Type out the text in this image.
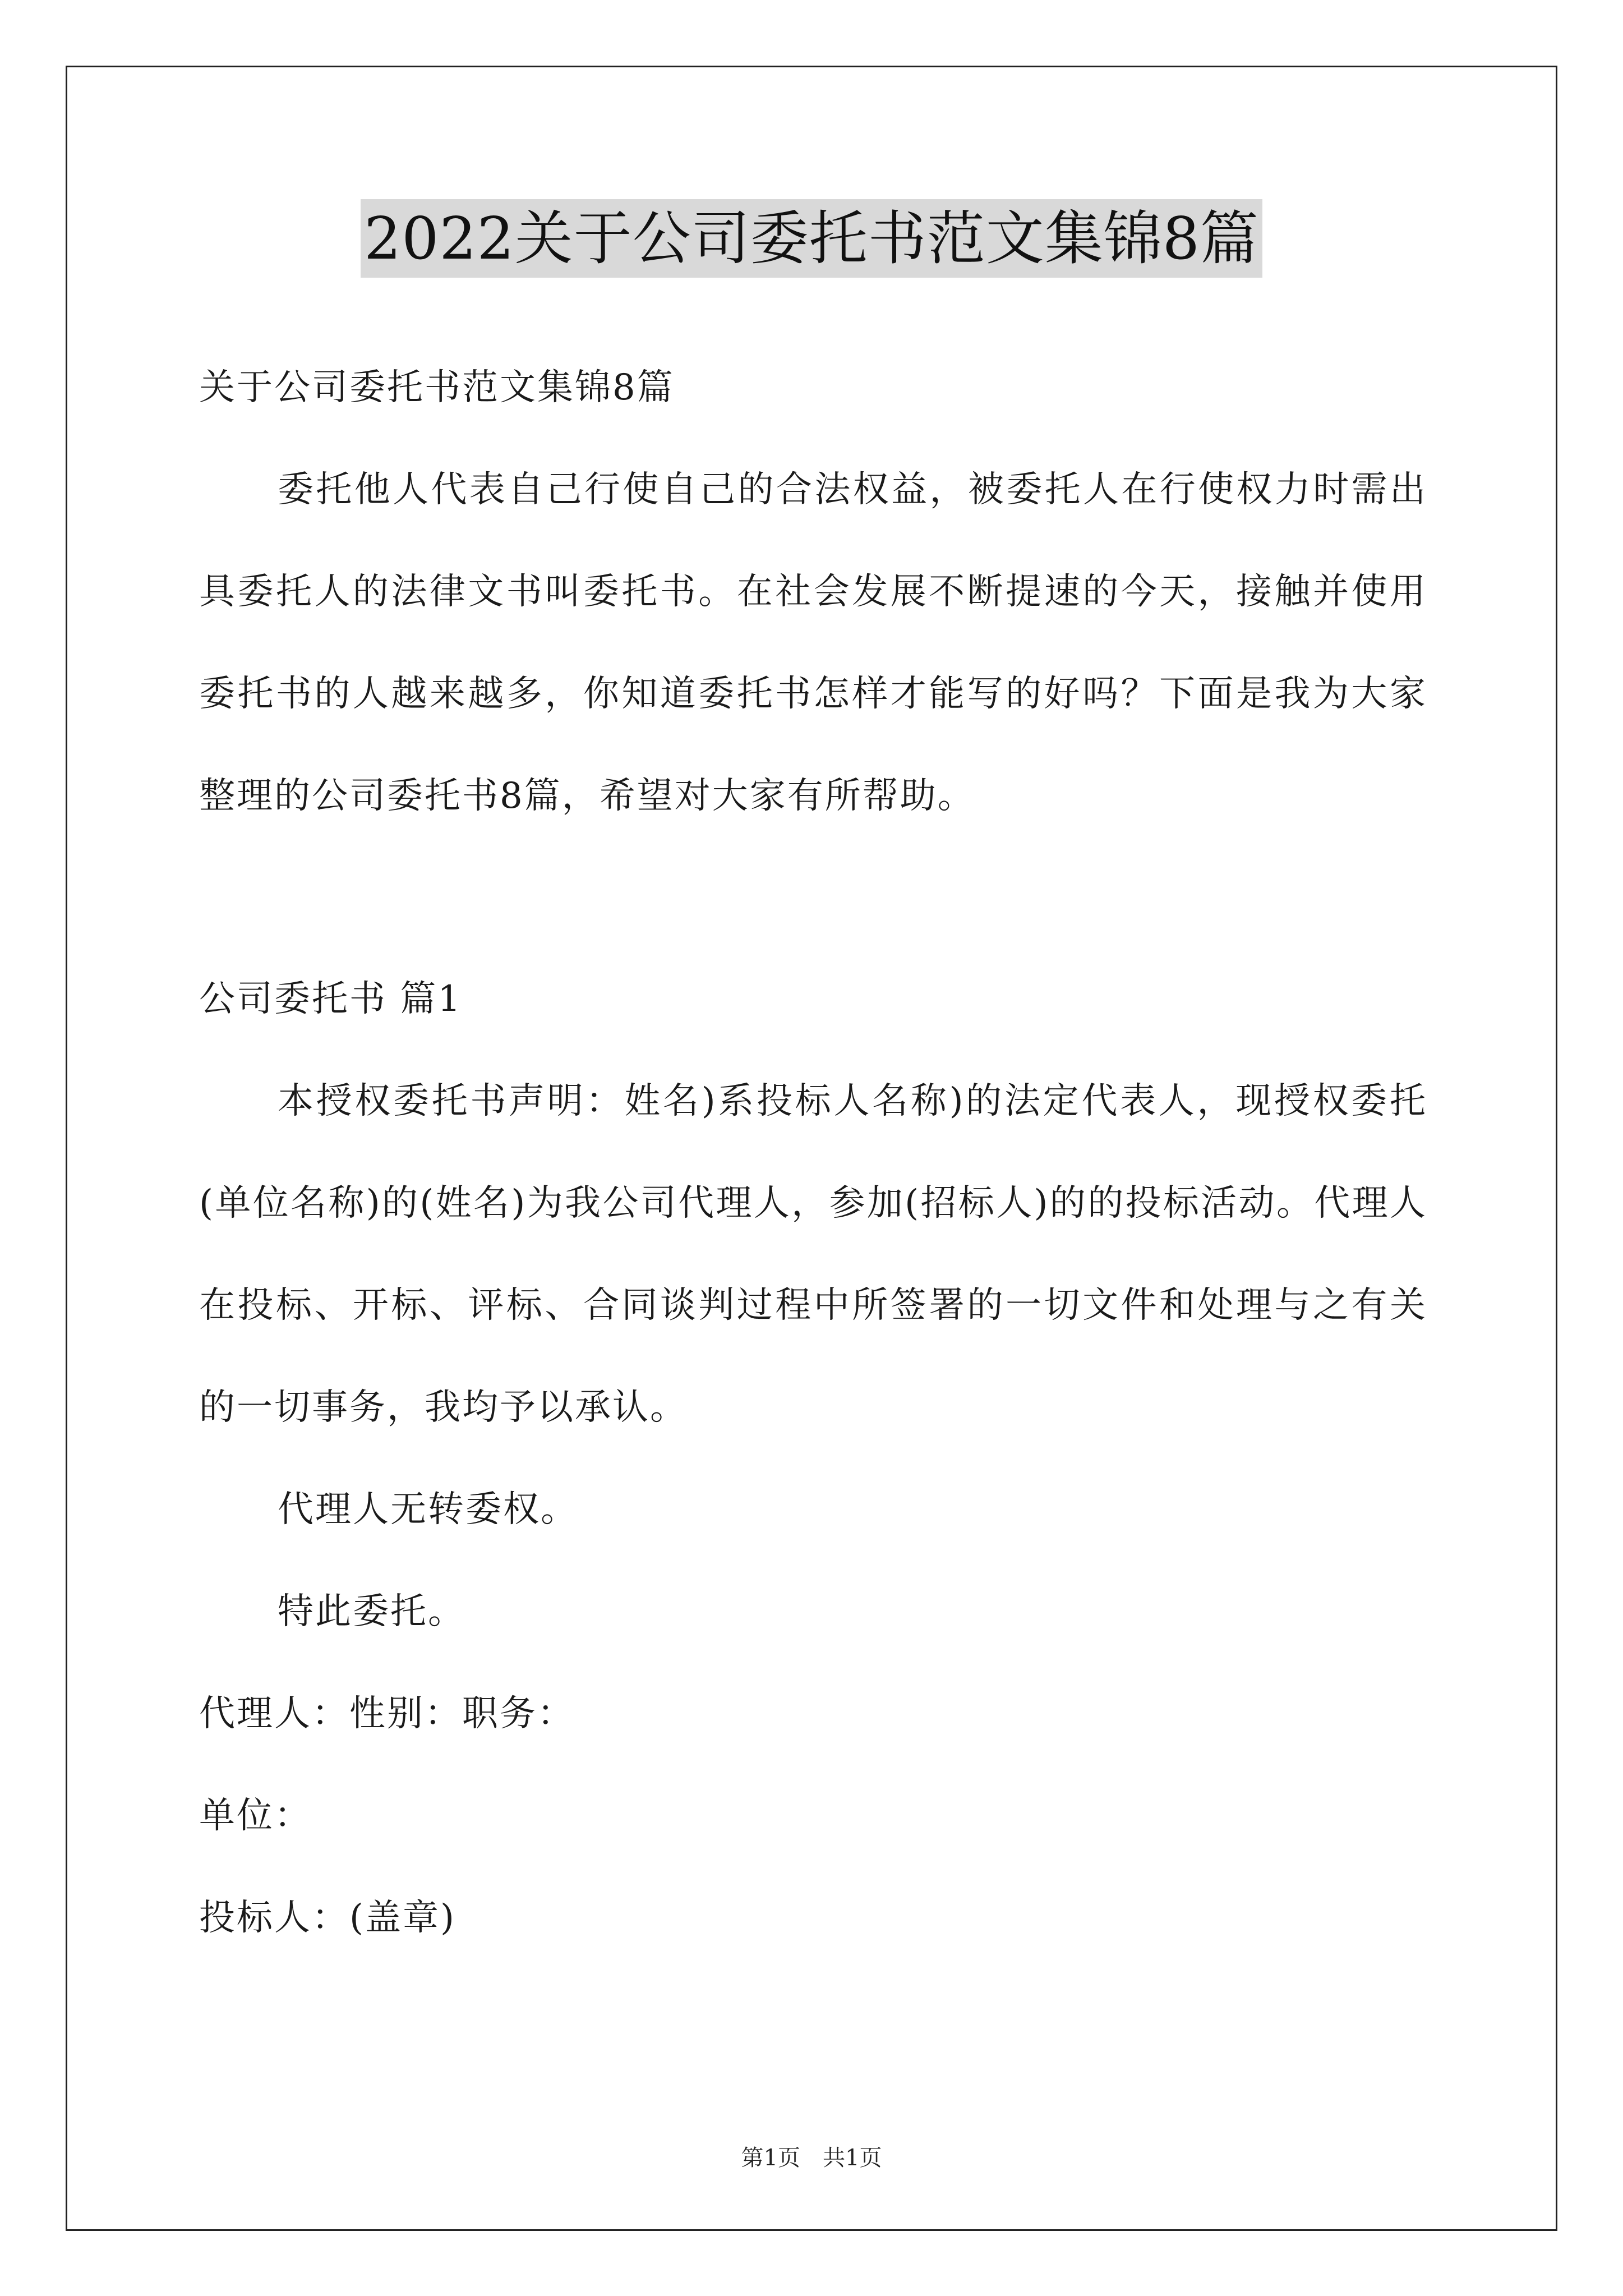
2022关于公司委托书范文集锦8篇

关于公司委托书范文集锦8篇

委托他人代表自己行使自己的合法权益，被委托人在行使权力时需出具委托人的法律文书叫委托书。在社会发展不断提速的今天，接触并使用委托书的人越来越多，你知道委托书怎样才能写的好吗？下面是我为大家整理的公司委托书8篇，希望对大家有所帮助。

公司委托书 篇1

本授权委托书声明：姓名)系投标人名称)的法定代表人，现授权委托(单位名称)的(姓名)为我公司代理人，参加(招标人)的的投标活动。代理人在投标、开标、评标、合同谈判过程中所签署的一切文件和处理与之有关的一切事务，我均予以承认。

代理人无转委权。

特此委托。

代理人：性别：职务：

单位：

投标人：(盖章)

第1页　共1页
